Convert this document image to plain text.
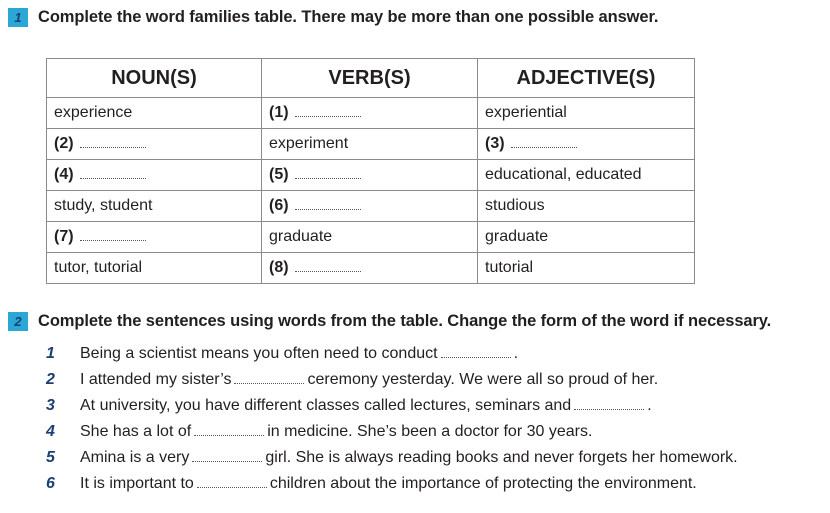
1 Complete the word families table. There may be more than one possible answer.
NOUN(S)	VERB(S)	ADJECTIVE(S)
experience	(1)	experiential
(2)	experiment	(3)
(4)	(5)	educational, educated
study, student	(6)	studious
(7)	graduate	graduate
tutor, tutorial	(8)	tutorial
2 Complete the sentences using words from the table. Change the form of the word if necessary.
1	Being a scientist means you often need to conduct	.
2	I attended my sister’s	ceremony yesterday. We were all so proud of her.
3	At university, you have different classes called lectures, seminars and	.
4	She has a lot of	in medicine. She’s been a doctor for 30 years.
5	Amina is a very	girl. She is always reading books and never forgets her homework.
6	It is important to	children about the importance of protecting the environment.
